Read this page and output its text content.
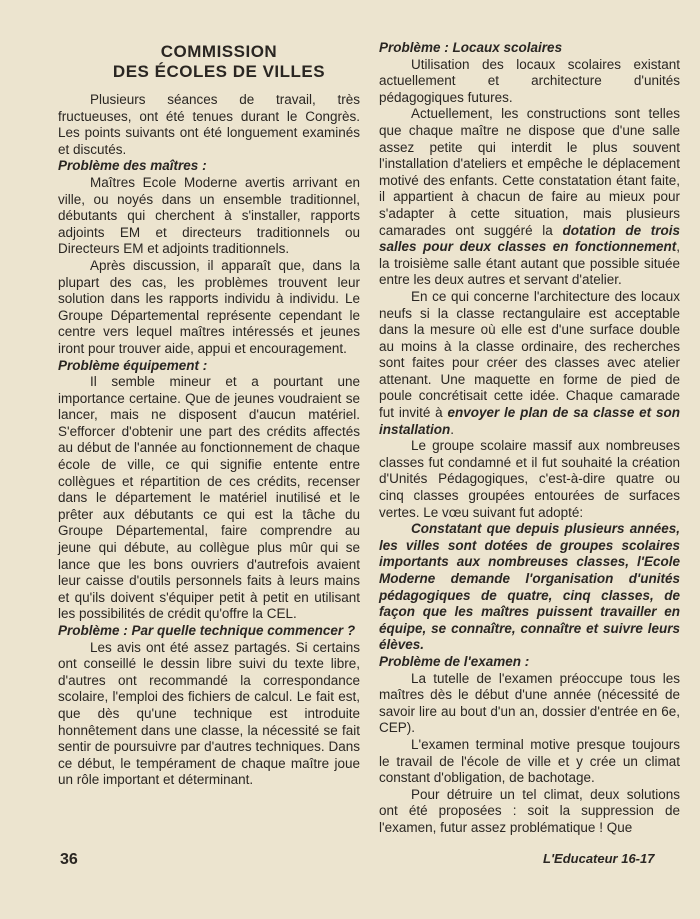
COMMISSION
DES ÉCOLES DE VILLES

Plusieurs séances de travail, très fructueuses, ont été tenues durant le Congrès. Les points suivants ont été longuement examinés et discutés.

Problème des maîtres :

Maîtres Ecole Moderne avertis arrivant en ville, ou noyés dans un ensemble traditionnel, débutants qui cherchent à s'installer, rapports adjoints EM et directeurs traditionnels ou Directeurs EM et adjoints traditionnels.

Après discussion, il apparaît que, dans la plupart des cas, les problèmes trouvent leur solution dans les rapports individu à individu. Le Groupe Départemental représente cependant le centre vers lequel maîtres intéressés et jeunes iront pour trouver aide, appui et encouragement.

Problème équipement :

Il semble mineur et a pourtant une importance certaine. Que de jeunes voudraient se lancer, mais ne disposent d'aucun matériel. S'efforcer d'obtenir une part des crédits affectés au début de l'année au fonctionnement de chaque école de ville, ce qui signifie entente entre collègues et répartition de ces crédits, recenser dans le département le matériel inutilisé et le prêter aux débutants ce qui est la tâche du Groupe Départemental, faire comprendre au jeune qui débute, au collègue plus mûr qui se lance que les bons ouvriers d'autrefois avaient leur caisse d'outils personnels faits à leurs mains et qu'ils doivent s'équiper petit à petit en utilisant les possibilités de crédit qu'offre la CEL.

Problème : Par quelle technique commencer ?

Les avis ont été assez partagés. Si certains ont conseillé le dessin libre suivi du texte libre, d'autres ont recommandé la correspondance scolaire, l'emploi des fichiers de calcul. Le fait est, que dès qu'une technique est introduite honnêtement dans une classe, la nécessité se fait sentir de poursuivre par d'autres techniques. Dans ce début, le tempérament de chaque maître joue un rôle important et déterminant.

Problème : Locaux scolaires

Utilisation des locaux scolaires existant actuellement et architecture d'unités pédagogiques futures.

Actuellement, les constructions sont telles que chaque maître ne dispose que d'une salle assez petite qui interdit le plus souvent l'installation d'ateliers et empêche le déplacement motivé des enfants. Cette constatation étant faite, il appartient à chacun de faire au mieux pour s'adapter à cette situation, mais plusieurs camarades ont suggéré la dotation de trois salles pour deux classes en fonctionnement, la troisième salle étant autant que possible située entre les deux autres et servant d'atelier.

En ce qui concerne l'architecture des locaux neufs si la classe rectangulaire est acceptable dans la mesure où elle est d'une surface double au moins à la classe ordinaire, des recherches sont faites pour créer des classes avec atelier attenant. Une maquette en forme de pied de poule concrétisait cette idée. Chaque camarade fut invité à envoyer le plan de sa classe et son installation.

Le groupe scolaire massif aux nombreuses classes fut condamné et il fut souhaité la création d'Unités Pédagogiques, c'est-à-dire quatre ou cinq classes groupées entourées de surfaces vertes. Le vœu suivant fut adopté:

Constatant que depuis plusieurs années, les villes sont dotées de groupes scolaires importants aux nombreuses classes, l'Ecole Moderne demande l'organisation d'unités pédagogiques de quatre, cinq classes, de façon que les maîtres puissent travailler en équipe, se connaître, connaître et suivre leurs élèves.

Problème de l'examen :

La tutelle de l'examen préoccupe tous les maîtres dès le début d'une année (nécessité de savoir lire au bout d'un an, dossier d'entrée en 6e, CEP).

L'examen terminal motive presque toujours le travail de l'école de ville et y crée un climat constant d'obligation, de bachotage.

Pour détruire un tel climat, deux solutions ont été proposées : soit la suppression de l'examen, futur assez problématique ! Que

36	L'Educateur 16-17
